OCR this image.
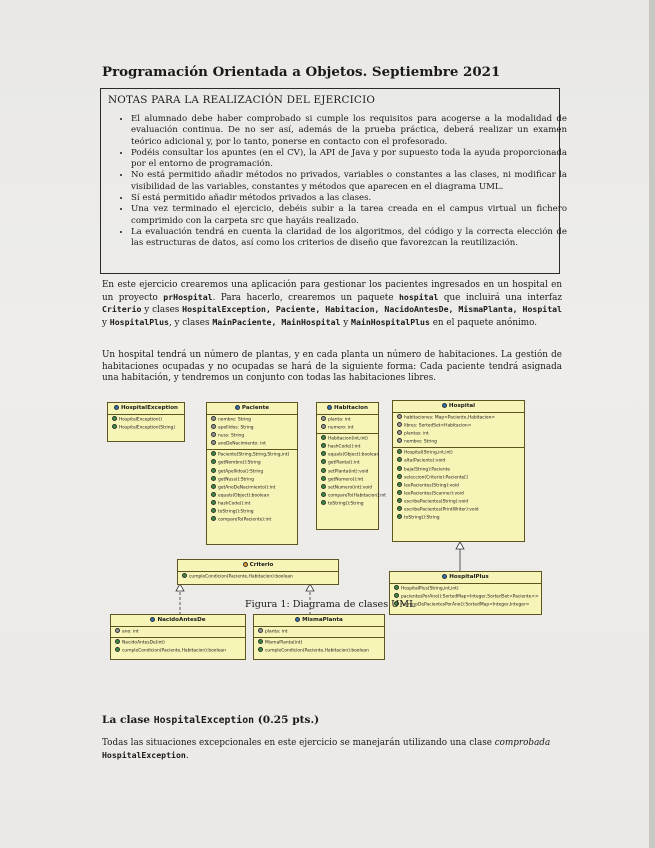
Programación Orientada a Objetos. Septiembre 2021
NOTAS PARA LA REALIZACIÓN DEL EJERCICIO
• El alumnado debe haber comprobado si cumple los requisitos para acogerse a la modalidad de evaluación continua. De no ser así, además de la prueba práctica, deberá realizar un examen teórico adicional y, por lo tanto, ponerse en contacto con el profesorado.
• Podéis consultar los apuntes (en el CV), la API de Java y por supuesto toda la ayuda proporcionada por el entorno de programación.
• No está permitido añadir métodos no privados, variables o constantes a las clases, ni modificar la visibilidad de las variables, constantes y métodos que aparecen en el diagrama UML.
• Sí está permitido añadir métodos privados a las clases.
• Una vez terminado el ejercicio, debéis subir a la tarea creada en el campus virtual un fichero comprimido con la carpeta src que hayáis realizado.
• La evaluación tendrá en cuenta la claridad de los algoritmos, del código y la correcta elección de las estructuras de datos, así como los criterios de diseño que favorezcan la reutilización.
En este ejercicio crearemos una aplicación para gestionar los pacientes ingresados en un hospital en un proyecto prHospital. Para hacerlo, crearemos un paquete hospital que incluirá una interfaz Criterio y clases HospitalException, Paciente, Habitacion, NacidoAntesDe, MismaPlanta, Hospital y HospitalPlus, y clases MainPaciente, MainHospital y MainHospitalPlus en el paquete anónimo.
Un hospital tendrá un número de plantas, y en cada planta un número de habitaciones. La gestión de habitaciones ocupadas y no ocupadas se hará de la siguiente forma: Cada paciente tendrá asignada una habitación, y tendremos un conjunto con todas las habitaciones libres.
HospitalException
HospitalException()
HospitalException(String)
Paciente
nombre: String
apellidos: String
nuss: String
anoDeNacimiento: int
Paciente(String,String,String,int)
getNombre():String
getApellidos():String
getNuss():String
getAnoDeNacimiento():int
equals(Object):boolean
hashCode():int
toString():String
compareTo(Paciente):int
Habitacion
planta: int
numero: int
Habitacion(int,int)
hashCode():int
equals(Object):boolean
getPlanta():int
setPlanta(int):void
getNumero():int
setNumero(int):void
compareTo(Habitacion):int
toString():String
Hospital
habitaciones: Map<Paciente,Habitacion>
libres: SortedSet<Habitacion>
plantas: int
nombre: String
Hospital(String,int,int)
alta(Paciente):void
baja(String):Paciente
seleccion(Criterio):Paciente[]
leePacientes(String):void
leePacientes(Scanner):void
escribePacientes(String):void
escribePacientes(PrintWriter):void
toString():String
Criterio
cumpleCondicion(Paciente,Habitacion):boolean	HospitalPlus
HospitalPlus(String,int,int)
pacientesPorAno():SortedMap<Integer,SortedSet<Paciente>>
numeroDePacientesPorAno():SortedMap<Integer,Integer>
NacidoAntesDe
ano: int
NacidoAntesDe(int)
cumpleCondicion(Paciente,Habitacion):boolean
MismaPlanta
planta: int
MismaPlanta(int)
cumpleCondicion(Paciente,Habitacion):boolean
Figura 1: Diagrama de clases UML
La clase HospitalException (0.25 pts.)
Todas las situaciones excepcionales en este ejercicio se manejarán utilizando una clase comprobada
HospitalException.
